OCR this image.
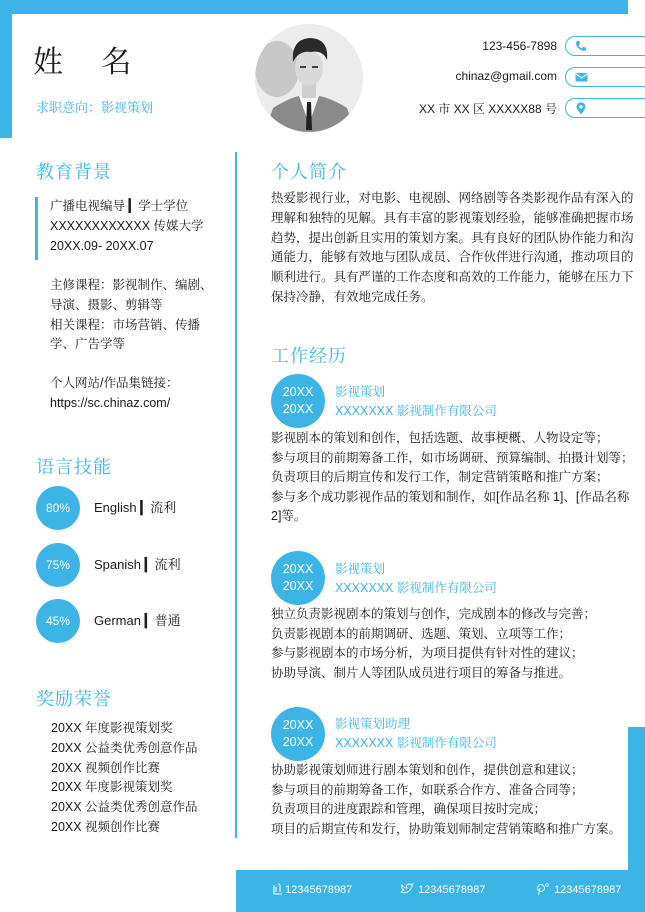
姓　 名
求职意向：影视策划
123-456-7898
chinaz@gmail.com
XX 市 XX 区 XXXXX88 号
教育背景
广播电视编导 ▎学士学位
XXXXXXXXXXXX 传媒大学
20XX.09- 20XX.07
主修课程：影视制作、编剧、
导演、摄影、剪辑等
相关课程：市场营销、传播
学、广告学等
个人网站/作品集链接：
https://sc.chinaz.com/
语言技能
80%	English ▎流利
75%	Spanish ▎流利
45%	German ▎普通
奖励荣誉
20XX 年度影视策划奖
20XX 公益类优秀创意作品
20XX 视频创作比赛
20XX 年度影视策划奖
20XX 公益类优秀创意作品
20XX 视频创作比赛
个人简介
热爱影视行业，对电影、电视剧、网络剧等各类影视作品有深入的
理解和独特的见解。具有丰富的影视策划经验，能够准确把握市场
趋势，提出创新且实用的策划方案。具有良好的团队协作能力和沟
通能力，能够有效地与团队成员、合作伙伴进行沟通，推动项目的
顺利进行。具有严谨的工作态度和高效的工作能力，能够在压力下
保持冷静，有效地完成任务。
工作经历
20XX
20XX
影视策划
XXXXXXX 影视制作有限公司
影视剧本的策划和创作，包括选题、故事梗概、人物设定等；
参与项目的前期筹备工作，如市场调研、预算编制、拍摄计划等；
负责项目的后期宣传和发行工作，制定营销策略和推广方案；
参与多个成功影视作品的策划和制作，如[作品名称 1]、[作品名称
2]等。
20XX
20XX
影视策划
XXXXXXX 影视制作有限公司
独立负责影视剧本的策划与创作，完成剧本的修改与完善；
负责影视剧本的前期调研、选题、策划、立项等工作；
参与影视剧本的市场分析，为项目提供有针对性的建议；
协助导演、制片人等团队成员进行项目的筹备与推进。
20XX
20XX
影视策划助理
XXXXXXX 影视制作有限公司
协助影视策划师进行剧本策划和创作，提供创意和建议；
参与项目的前期筹备工作，如联系合作方、准备合同等；
负责项目的进度跟踪和管理，确保项目按时完成；
项目的后期宣传和发行，协助策划师制定营销策略和推广方案。
12345678987	12345678987	12345678987
